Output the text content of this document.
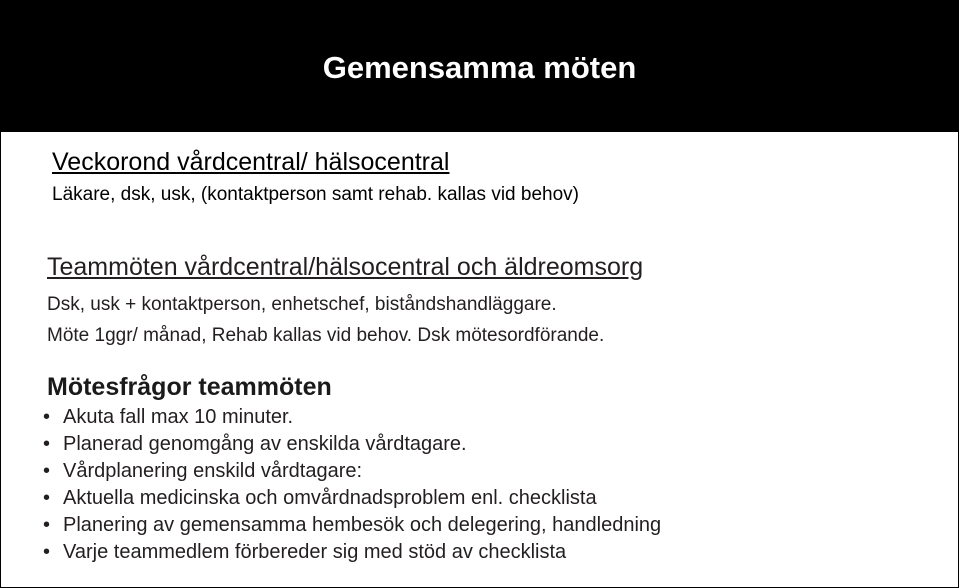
Gemensamma möten

Veckorond vårdcentral/ hälsocentral

Läkare, dsk, usk, (kontaktperson samt rehab. kallas vid behov)

Teammöten vårdcentral/hälsocentral och äldreomsorg

Dsk, usk + kontaktperson, enhetschef, biståndshandläggare.

Möte 1ggr/ månad, Rehab kallas vid behov. Dsk mötesordförande.

Mötesfrågor teammöten

• Akuta fall max 10 minuter.
• Planerad genomgång av enskilda vårdtagare.
• Vårdplanering enskild vårdtagare:
• Aktuella medicinska och omvårdnadsproblem enl. checklista
• Planering av gemensamma hembesök och delegering, handledning
• Varje teammedlem förbereder sig med stöd av checklista
